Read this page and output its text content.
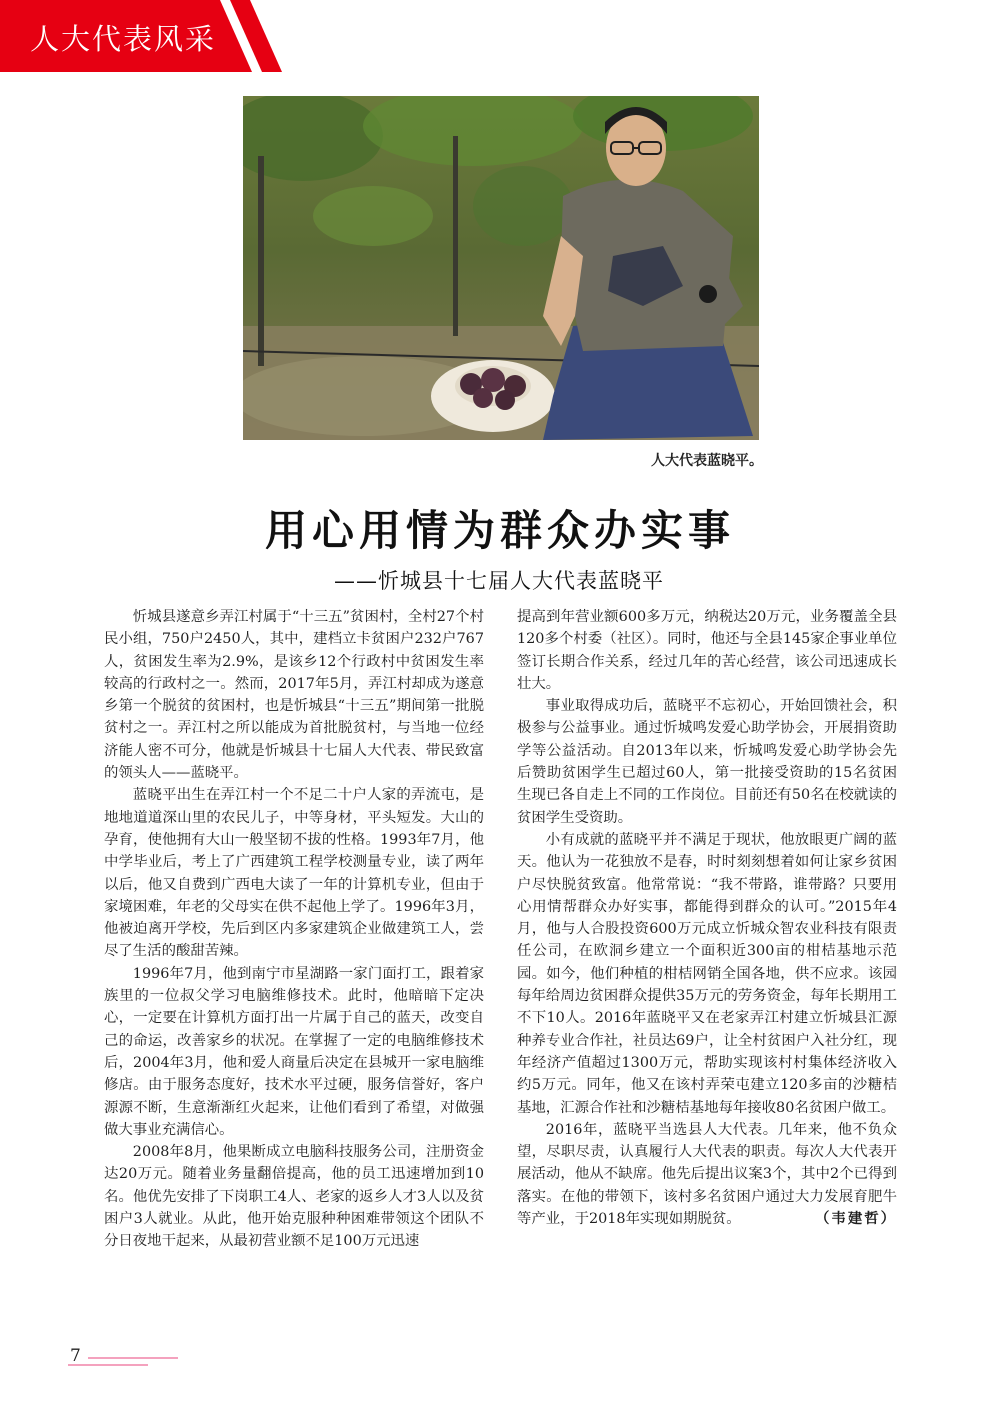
人大代表风采
人大代表蓝晓平。
用心用情为群众办实事
——忻城县十七届人大代表蓝晓平

忻城县遂意乡弄江村属于“十三五”贫困村，全村27个村民小组，750户2450人，其中，建档立卡贫困户232户767人，贫困发生率为2.9%，是该乡12个行政村中贫困发生率较高的行政村之一。然而，2017年5月，弄江村却成为遂意乡第一个脱贫的贫困村，也是忻城县“十三五”期间第一批脱贫村之一。弄江村之所以能成为首批脱贫村，与当地一位经济能人密不可分，他就是忻城县十七届人大代表、带民致富的领头人——蓝晓平。

蓝晓平出生在弄江村一个不足二十户人家的弄流屯，是地地道道深山里的农民儿子，中等身材，平头短发。大山的孕育，使他拥有大山一般坚韧不拔的性格。1993年7月，他中学毕业后，考上了广西建筑工程学校测量专业，读了两年以后，他又自费到广西电大读了一年的计算机专业，但由于家境困难，年老的父母实在供不起他上学了。1996年3月，他被迫离开学校，先后到区内多家建筑企业做建筑工人，尝尽了生活的酸甜苦辣。

1996年7月，他到南宁市星湖路一家门面打工，跟着家族里的一位叔父学习电脑维修技术。此时，他暗暗下定决心，一定要在计算机方面打出一片属于自己的蓝天，改变自己的命运，改善家乡的状况。在掌握了一定的电脑维修技术后，2004年3月，他和爱人商量后决定在县城开一家电脑维修店。由于服务态度好，技术水平过硬，服务信誉好，客户源源不断，生意渐渐红火起来，让他们看到了希望，对做强做大事业充满信心。

2008年8月，他果断成立电脑科技服务公司，注册资金达20万元。随着业务量翻倍提高，他的员工迅速增加到10名。他优先安排了下岗职工4人、老家的返乡人才3人以及贫困户3人就业。从此，他开始克服种种困难带领这个团队不分日夜地干起来，从最初营业额不足100万元迅速

提高到年营业额600多万元，纳税达20万元，业务覆盖全县120多个村委（社区）。同时，他还与全县145家企事业单位签订长期合作关系，经过几年的苦心经营，该公司迅速成长壮大。

事业取得成功后，蓝晓平不忘初心，开始回馈社会，积极参与公益事业。通过忻城鸣发爱心助学协会，开展捐资助学等公益活动。自2013年以来，忻城鸣发爱心助学协会先后赞助贫困学生已超过60人，第一批接受资助的15名贫困生现已各自走上不同的工作岗位。目前还有50名在校就读的贫困学生受资助。

小有成就的蓝晓平并不满足于现状，他放眼更广阔的蓝天。他认为一花独放不是春，时时刻刻想着如何让家乡贫困户尽快脱贫致富。他常常说：“我不带路，谁带路？只要用心用情帮群众办好实事，都能得到群众的认可。”2015年4月，他与人合股投资600万元成立忻城众智农业科技有限责任公司，在欧洞乡建立一个面积近300亩的柑桔基地示范园。如今，他们种植的柑桔网销全国各地，供不应求。该园每年给周边贫困群众提供35万元的劳务资金，每年长期用工不下10人。2016年蓝晓平又在老家弄江村建立忻城县汇源种养专业合作社，社员达69户，让全村贫困户入社分红，现年经济产值超过1300万元，帮助实现该村村集体经济收入约5万元。同年，他又在该村弄荣屯建立120多亩的沙糖桔基地，汇源合作社和沙糖桔基地每年接收80名贫困户做工。

2016年，蓝晓平当选县人大代表。几年来，他不负众望，尽职尽责，认真履行人大代表的职责。每次人大代表开展活动，他从不缺席。他先后提出议案3个，其中2个已得到落实。在他的带领下，该村多名贫困户通过大力发展育肥牛等产业，于2018年实现如期脱贫。	（韦建哲）

7
